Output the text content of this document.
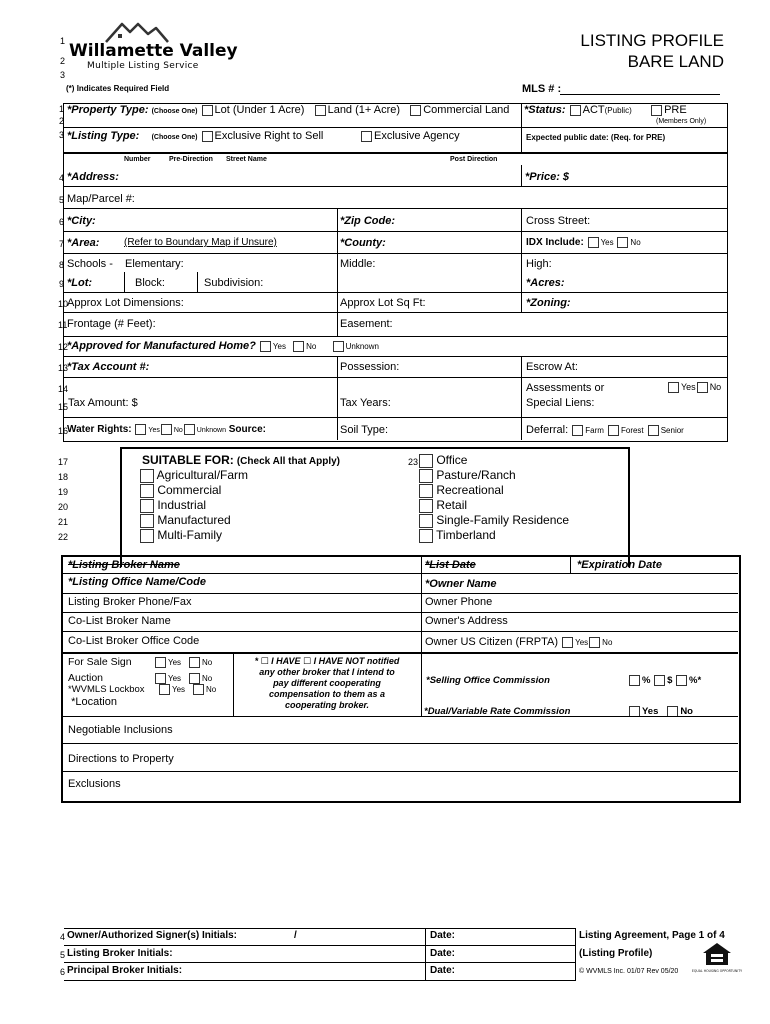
1
2
3
Willamette Valley
Multiple Listing Service
LISTING PROFILE
BARE LAND
(*) Indicates Required Field	MLS # :
1
2
*Property Type: (Choose One) Lot (Under 1 Acre) Land (1+ Acre) Commercial Land *Status: ACT(Public)	PRE
(Members Only)
3 *Listing Type: (Choose One) Exclusive Right to Sell	Exclusive Agency	Expected public date: (Req. for PRE)
Number	Pre-Direction Street Name	Post Direction
4 *Address:	*Price: $
5 Map/Parcel #:
6 *City:	*Zip Code:	Cross Street:
7 *Area: (Refer to Boundary Map if Unsure)	*County:	IDX Include: Yes No
8 Schools - Elementary:	Middle:	High:
9 *Lot:	Block:	Subdivision:	*Acres:
10
Approx Lot Dimensions:	Approx Lot Sq Ft:	*Zoning:
11 Frontage (# Feet):	Easement:
12
*Approved for Manufactured Home? Yes	No	Unknown
13
*Tax Account #:	Possession:	Escrow At:
14
15
Assessments or	Yes No
Special Liens:
Tax Amount: $	Tax Years:
16
Water Rights: Yes No Unknown Source:	Soil Type:	Deferral: Farm Forest Senior
17
18
19
20
21
22
SUITABLE FOR: (Check All that Apply)
Agricultural/Farm
Commercial
Industrial
Manufactured
Multi-Family
23	Office
Pasture/Ranch
Recreational
Retail
Single-Family Residence
Timberland
*Listing Broker Name	*List Date	*Expiration Date
*Listing Office Name/Code	*Owner Name
Listing Broker Phone/Fax	Owner Phone
Co-List Broker Name	Owner's Address
Co-List Broker Office Code	Owner US Citizen (FRPTA) Yes No
For Sale Sign	Yes	No
Auction	Yes	No
*WVMLS Lockbox	Yes	No
*Location
* ☐ I HAVE ☐ I HAVE NOT notified
any other broker that I intend to
pay different cooperating
compensation to them as a
cooperating broker.
*Selling Office Commission	% $ %*
*Dual/Variable Rate Commission	Yes No
Negotiable Inclusions
Directions to Property
Exclusions
4 Owner/Authorized Signer(s) Initials:	/	Date:
5 Listing Broker Initials:	Date:
6 Principal Broker Initials:	Date:
Listing Agreement, Page 1 of 4
(Listing Profile)
© WVMLS Inc. 01/07 Rev 05/20	EQUAL HOUSING OPPORTUNITY
